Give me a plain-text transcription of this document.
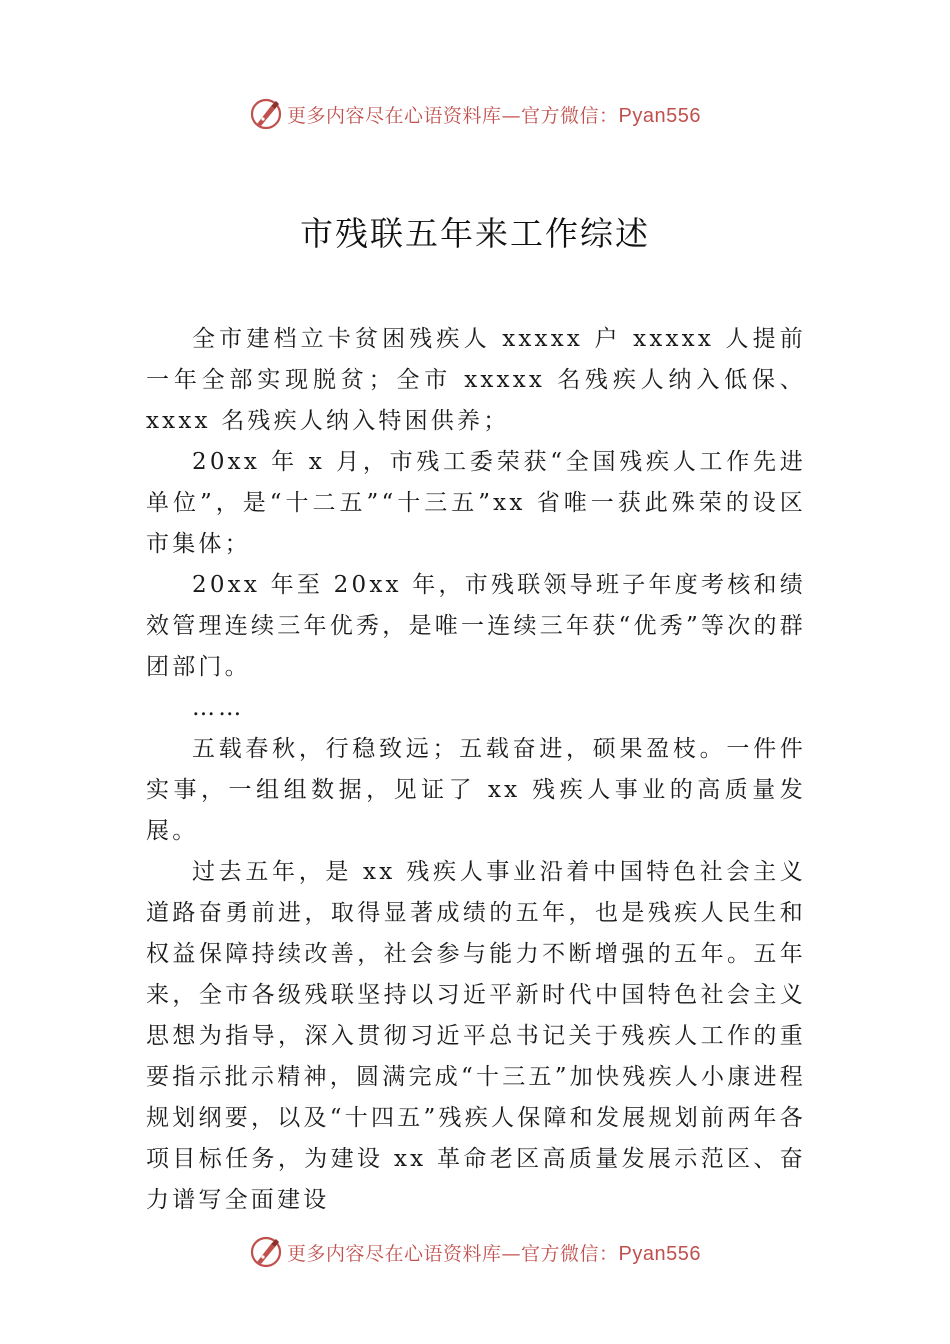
更多内容尽在心语资料库—官方微信：Pyan556
市残联五年来工作综述

全市建档立卡贫困残疾人 xxxxx 户 xxxxx 人提前一年全部实现脱贫；全市 xxxxx 名残疾人纳入低保、xxxx 名残疾人纳入特困供养；

20xx 年 x 月，市残工委荣获“全国残疾人工作先进单位”，是“十二五”“十三五”xx 省唯一获此殊荣的设区市集体；

20xx 年至 20xx 年，市残联领导班子年度考核和绩效管理连续三年优秀，是唯一连续三年获“优秀”等次的群团部门。

……

五载春秋，行稳致远；五载奋进，硕果盈枝。一件件实事，一组组数据，见证了 xx 残疾人事业的高质量发展。

过去五年，是 xx 残疾人事业沿着中国特色社会主义道路奋勇前进，取得显著成绩的五年，也是残疾人民生和权益保障持续改善，社会参与能力不断增强的五年。五年来，全市各级残联坚持以习近平新时代中国特色社会主义思想为指导，深入贯彻习近平总书记关于残疾人工作的重要指示批示精神，圆满完成“十三五”加快残疾人小康进程规划纲要，以及“十四五”残疾人保障和发展规划前两年各项目标任务，为建设 xx 革命老区高质量发展示范区、奋力谱写全面建设

更多内容尽在心语资料库—官方微信：Pyan556
